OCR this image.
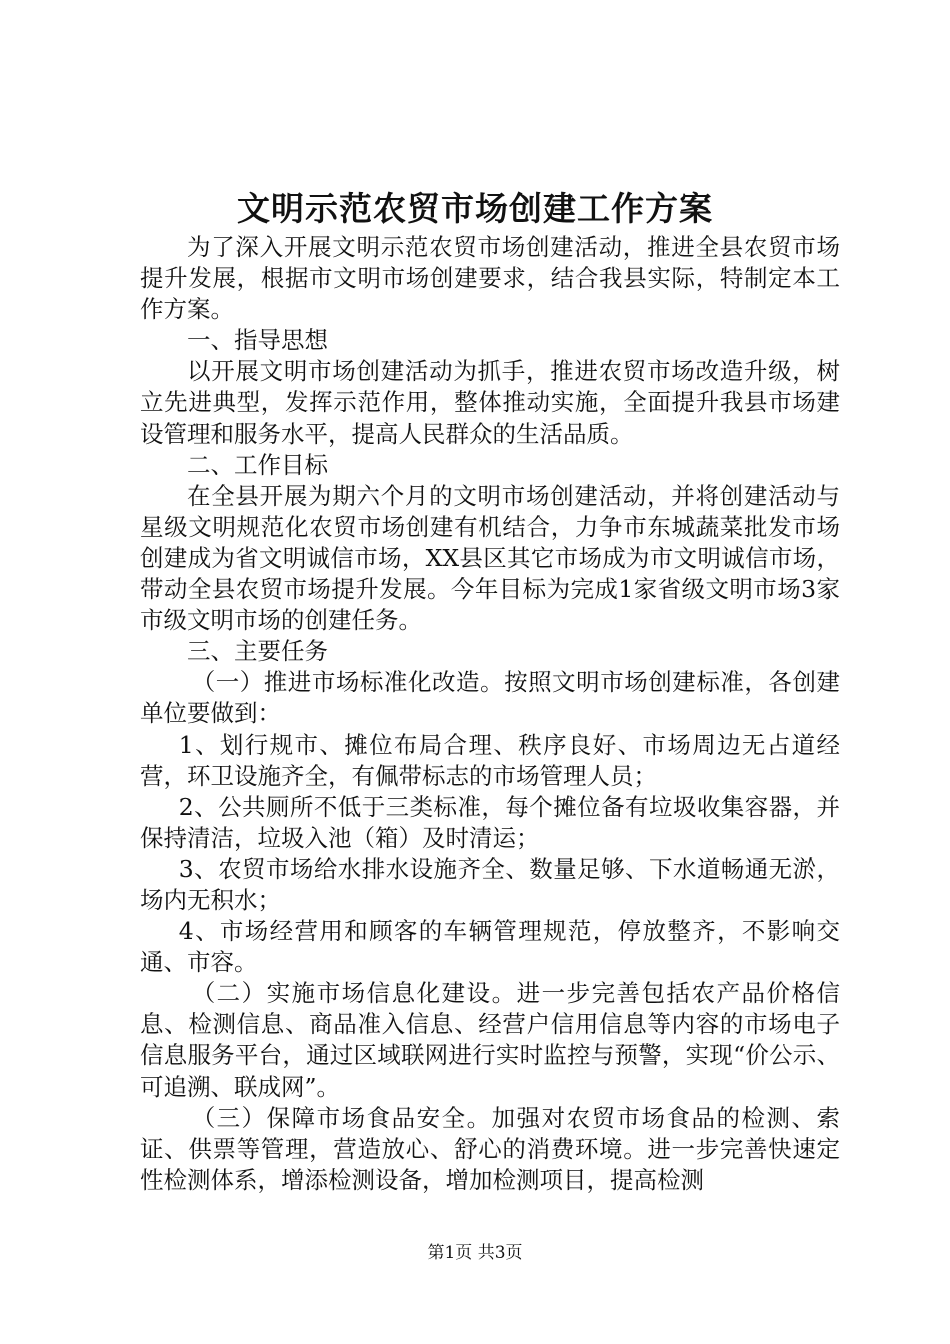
文明示范农贸市场创建工作方案

为了深入开展文明示范农贸市场创建活动，推进全县农贸市场提升发展，根据市文明市场创建要求，结合我县实际，特制定本工作方案。

一、指导思想

以开展文明市场创建活动为抓手，推进农贸市场改造升级，树立先进典型，发挥示范作用，整体推动实施，全面提升我县市场建设管理和服务水平，提高人民群众的生活品质。

二、工作目标

在全县开展为期六个月的文明市场创建活动，并将创建活动与星级文明规范化农贸市场创建有机结合，力争市东城蔬菜批发市场创建成为省文明诚信市场，XX县区其它市场成为市文明诚信市场，带动全县农贸市场提升发展。今年目标为完成1家省级文明市场3家市级文明市场的创建任务。

三、主要任务

（一）推进市场标准化改造。按照文明市场创建标准，各创建单位要做到：

1、划行规市、摊位布局合理、秩序良好、市场周边无占道经营，环卫设施齐全，有佩带标志的市场管理人员；

2、公共厕所不低于三类标准，每个摊位备有垃圾收集容器，并保持清洁，垃圾入池（箱）及时清运；

3、农贸市场给水排水设施齐全、数量足够、下水道畅通无淤，场内无积水；

4、市场经营用和顾客的车辆管理规范，停放整齐，不影响交通、市容。

（二）实施市场信息化建设。进一步完善包括农产品价格信息、检测信息、商品准入信息、经营户信用信息等内容的市场电子信息服务平台，通过区域联网进行实时监控与预警，实现“价公示、可追溯、联成网”。

（三）保障市场食品安全。加强对农贸市场食品的检测、索证、供票等管理，营造放心、舒心的消费环境。进一步完善快速定性检测体系，增添检测设备，增加检测项目，提高检测

第1页 共3页
